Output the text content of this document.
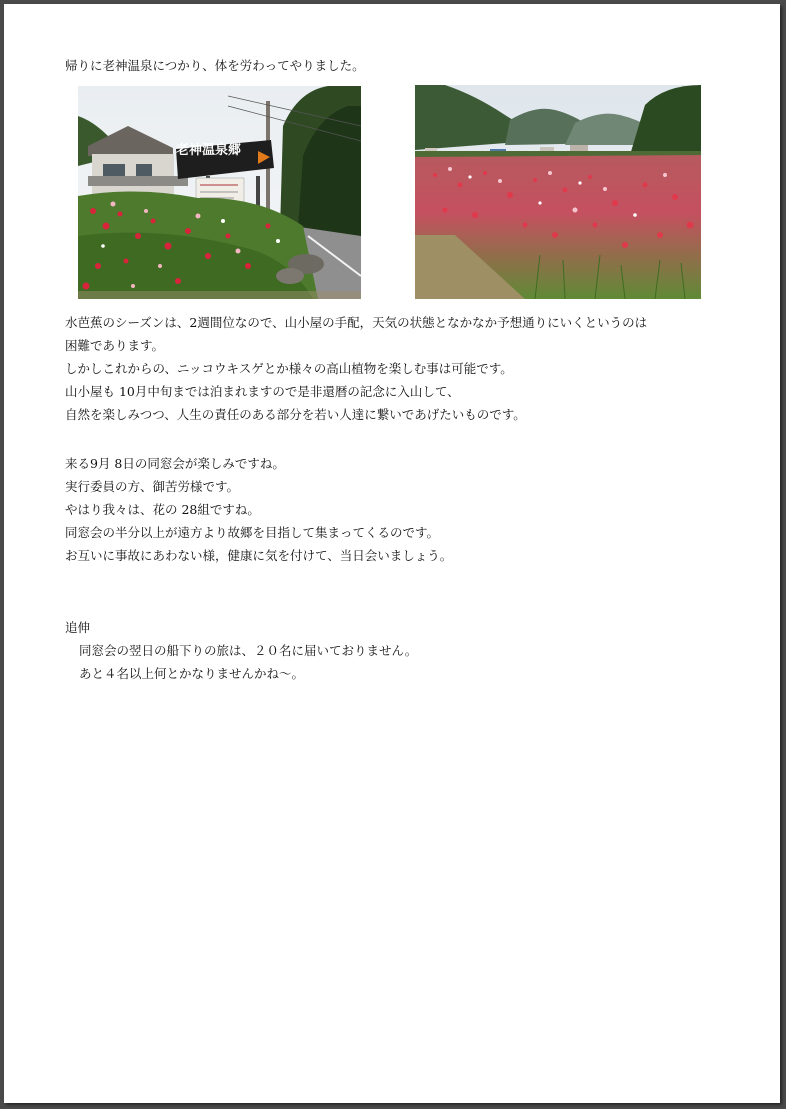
帰りに老神温泉につかり、体を労わってやりました。

老神温泉郷

水芭蕉のシーズンは、2週間位なので、山小屋の手配，天気の状態となかなか予想通りにいくというのは

困難であります。

しかしこれからの、ニッコウキスゲとか様々の高山植物を楽しむ事は可能です。

山小屋も 10月中旬までは泊まれますので是非還暦の記念に入山して、

自然を楽しみつつ、人生の責任のある部分を若い人達に繋いであげたいものです。

来る9月 8日の同窓会が楽しみですね。

実行委員の方、御苦労様です。

やはり我々は、花の 28組ですね。

同窓会の半分以上が遠方より故郷を目指して集まってくるのです。

お互いに事故にあわない様，健康に気を付けて、当日会いましょう。

追伸

同窓会の翌日の船下りの旅は、２０名に届いておりません。

あと４名以上何とかなりませんかね～。
